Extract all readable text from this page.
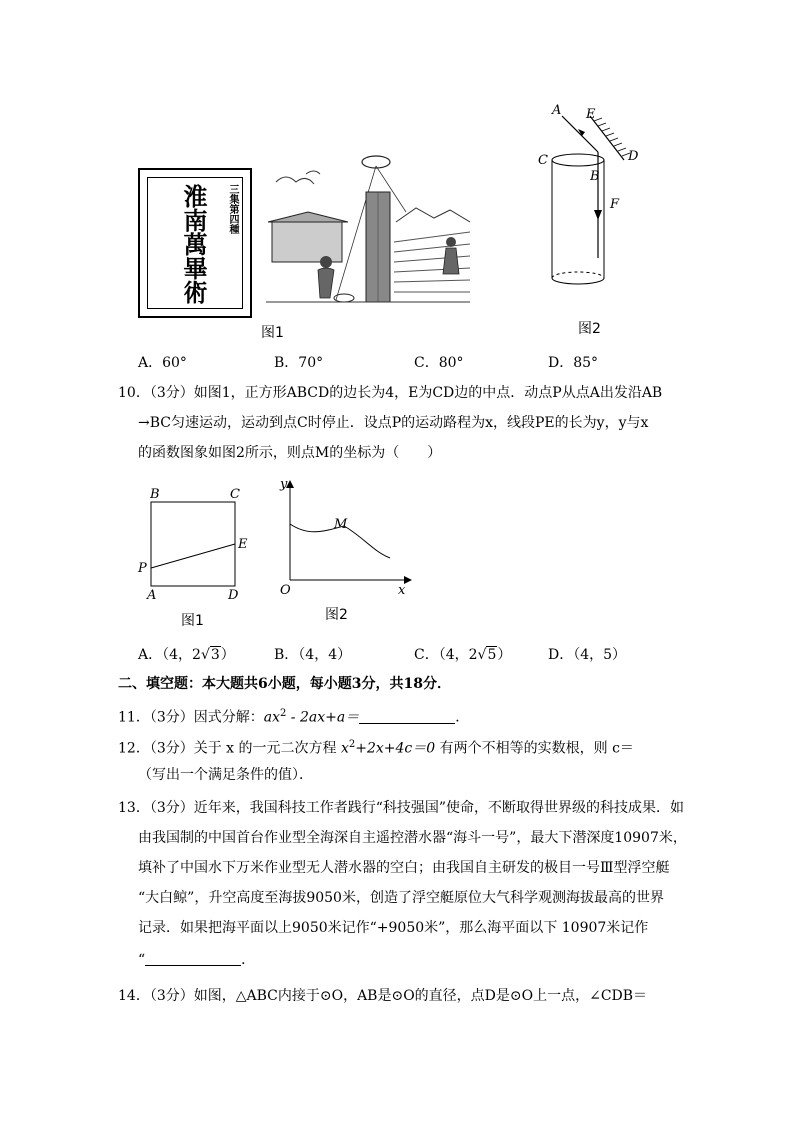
淮南萬畢術	三集第四種
图1
A E
C	D
B
F
图2
A．60°	B．70°	C．80°	D．85°
10．（3分）如图1，正方形ABCD的边长为4，E为CD边的中点．动点P从点A出发沿AB
→BC匀速运动，运动到点C时停止．设点P的运动路程为x，线段PE的长为y，y与x
的函数图象如图2所示，则点M的坐标为（　　）
B	C
E
P
A	D
图1
y
M
O	x
图2
A．（4，2√3）	B．（4，4）	C．（4，2√5）	D．（4，5）
二、填空题：本大题共6小题，每小题3分，共18分．
11．（3分）因式分解：$ax^2 - 2ax+a=$	．
12．（3分）关于 x 的一元二次方程 $x^2+2x+4c=0$ 有两个不相等的实数根，则 c＝
（写出一个满足条件的值）．
13．（3分）近年来，我国科技工作者践行“科技强国”使命，不断取得世界级的科技成果．如
由我国制的中国首台作业型全海深自主遥控潜水器“海斗一号”，最大下潜深度10907米，
填补了中国水下万米作业型无人潜水器的空白；由我国自主研发的极目一号Ⅲ型浮空艇
“大白鲸”，升空高度至海拔9050米，创造了浮空艇原位大气科学观测海拔最高的世界
记录．如果把海平面以上9050米记作“+9050米”，那么海平面以下 10907米记作
“	．
14．（3分）如图，△ABC内接于⊙O，AB是⊙O的直径，点D是⊙O上一点，∠CDB＝
